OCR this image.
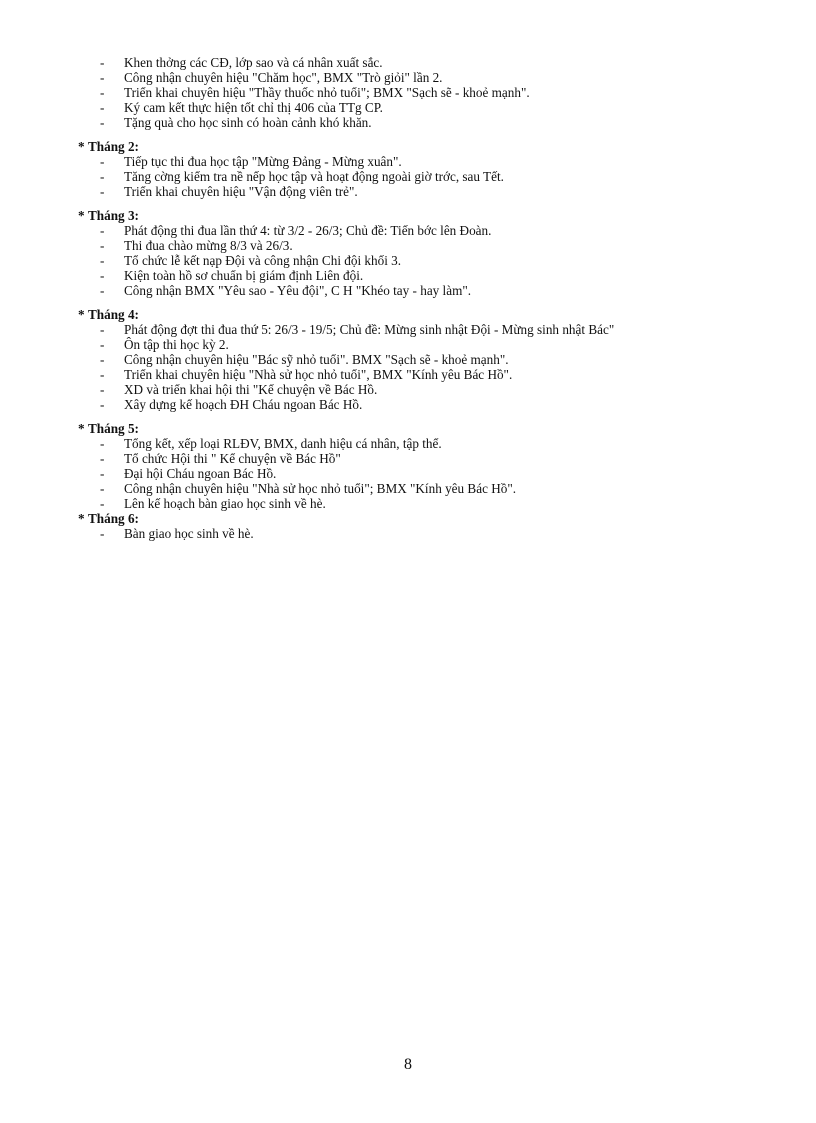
- Khen thởng các CĐ, lớp sao và cá nhân xuất sắc.
- Công nhận chuyên hiệu "Chăm học", BMX "Trò giỏi" lần 2.
- Triển khai chuyên hiệu "Thầy thuốc nhỏ tuổi"; BMX "Sạch sẽ - khoẻ mạnh".
- Ký cam kết thực hiện tốt chỉ thị 406 của TTg CP.
- Tặng quà cho học sinh có hoàn cảnh khó khăn.
* Tháng 2:
- Tiếp tục thi đua học tập "Mừng Đảng - Mừng xuân".
- Tăng cờng kiểm tra nề nếp học tập và hoạt động ngoài giờ trớc, sau Tết.
- Triển khai chuyên hiệu "Vận động viên trẻ".
* Tháng 3:
- Phát động thi đua lần thứ 4: từ 3/2 - 26/3; Chủ đề: Tiến bớc lên Đoàn.
- Thi đua chào mừng 8/3 và 26/3.
- Tổ chức lễ kết nạp Đội và công nhận Chi đội khối 3.
- Kiện toàn hồ sơ chuẩn bị giám định Liên đội.
- Công nhận BMX "Yêu sao - Yêu đội", C H "Khéo tay - hay làm".
* Tháng 4:
- Phát động đợt thi đua thứ 5: 26/3 - 19/5; Chủ đề: Mừng sinh nhật Đội - Mừng sinh nhật Bác"
- Ôn tập thi học kỳ 2.
- Công nhận chuyên hiệu "Bác sỹ nhỏ tuổi". BMX "Sạch sẽ - khoẻ mạnh".
- Triển khai chuyên hiệu "Nhà sử học nhỏ tuổi", BMX "Kính yêu Bác Hồ".
- XD và triển khai hội thi "Kể chuyện về Bác Hồ.
- Xây dựng kế hoạch ĐH Cháu ngoan Bác Hồ.
* Tháng 5:
- Tổng kết, xếp loại RLĐV, BMX, danh hiệu cá nhân, tập thể.
- Tổ chức Hội thi " Kể chuyện về Bác Hồ"
- Đại hội Cháu ngoan Bác Hồ.
- Công nhận chuyên hiệu "Nhà sử học nhỏ tuổi"; BMX "Kính yêu Bác Hồ".
- Lên kế hoạch bàn giao học sinh về hè.
* Tháng 6:
- Bàn giao học sinh về hè.
8
